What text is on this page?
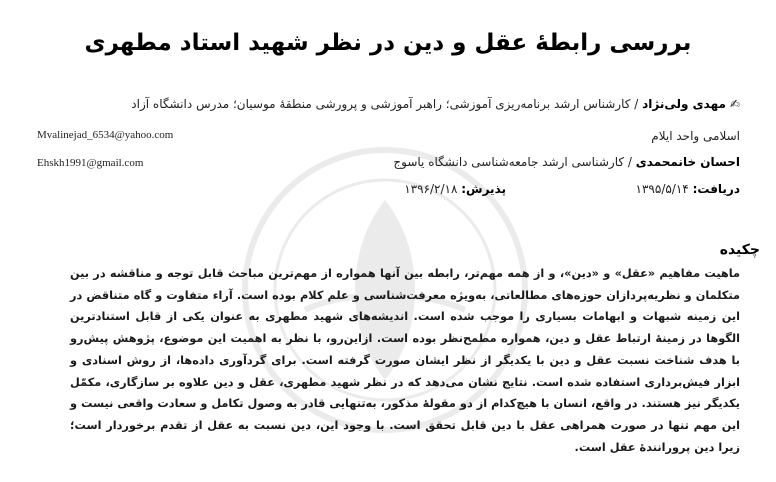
بررسی رابطهٔ عقل و دین در نظر شهید استاد مطهری
✍مهدی ولی‌نژاد / کارشناس ارشد برنامه‌ریزی آموزشی؛ راهبر آموزشی و پرورشی منطقهٔ موسیان؛ مدرس دانشگاه آزاد
اسلامی واحد ایلام
Mvalinejad_6534@yahoo.com
احسان خانمحمدی / کارشناسی ارشد جامعه‌شناسی دانشگاه یاسوج
Ehskh1991@gmail.com
دریافت: ۱۳۹۵/۵/۱۴
پذیرش: ۱۳۹۶/۲/۱۸
چکیده
ماهیت مفاهیم «عقل» و «دین»، و از همه مهم‌تر، رابطه بین آنها همواره از مهم‌ترین مباحث قابل توجه و مناقشه در بین متکلمان و نظریه‌پردازان حوزه‌های مطالعاتی، به‌ویژه معرفت‌شناسی و علم کلام بوده است. آراء متفاوت و گاه متناقض در این زمینه شبهات و ابهامات بسیاری را موجب شده است. اندیشه‌های شهید مطهری به عنوان یکی از قابل استنادترین الگوها در زمینهٔ ارتباط عقل و دین، همواره مطمح‌نظر بوده است. ازاین‌رو، با نظر به اهمیت این موضوع، پژوهش پیش‌رو با هدف شناخت نسبت عقل و دین با یکدیگر از نظر ایشان صورت گرفته است. برای گردآوری داده‌ها، از روش اسنادی و ابزار فیش‌برداری استفاده شده است. نتایج نشان می‌دهد که در نظر شهید مطهری، عقل و دین علاوه بر سازگاری، مکمّل یکدیگر نیز هستند. در واقع، انسان با هیچ‌کدام از دو مقولهٔ مذکور، به‌تنهایی قادر به وصول تکامل و سعادت واقعی نیست و این مهم تنها در صورت همراهی عقل با دین قابل تحقق است. با وجود این، دین نسبت به عقل از تقدم برخوردار است؛ زیرا دین پرورانندهٔ عقل است.
